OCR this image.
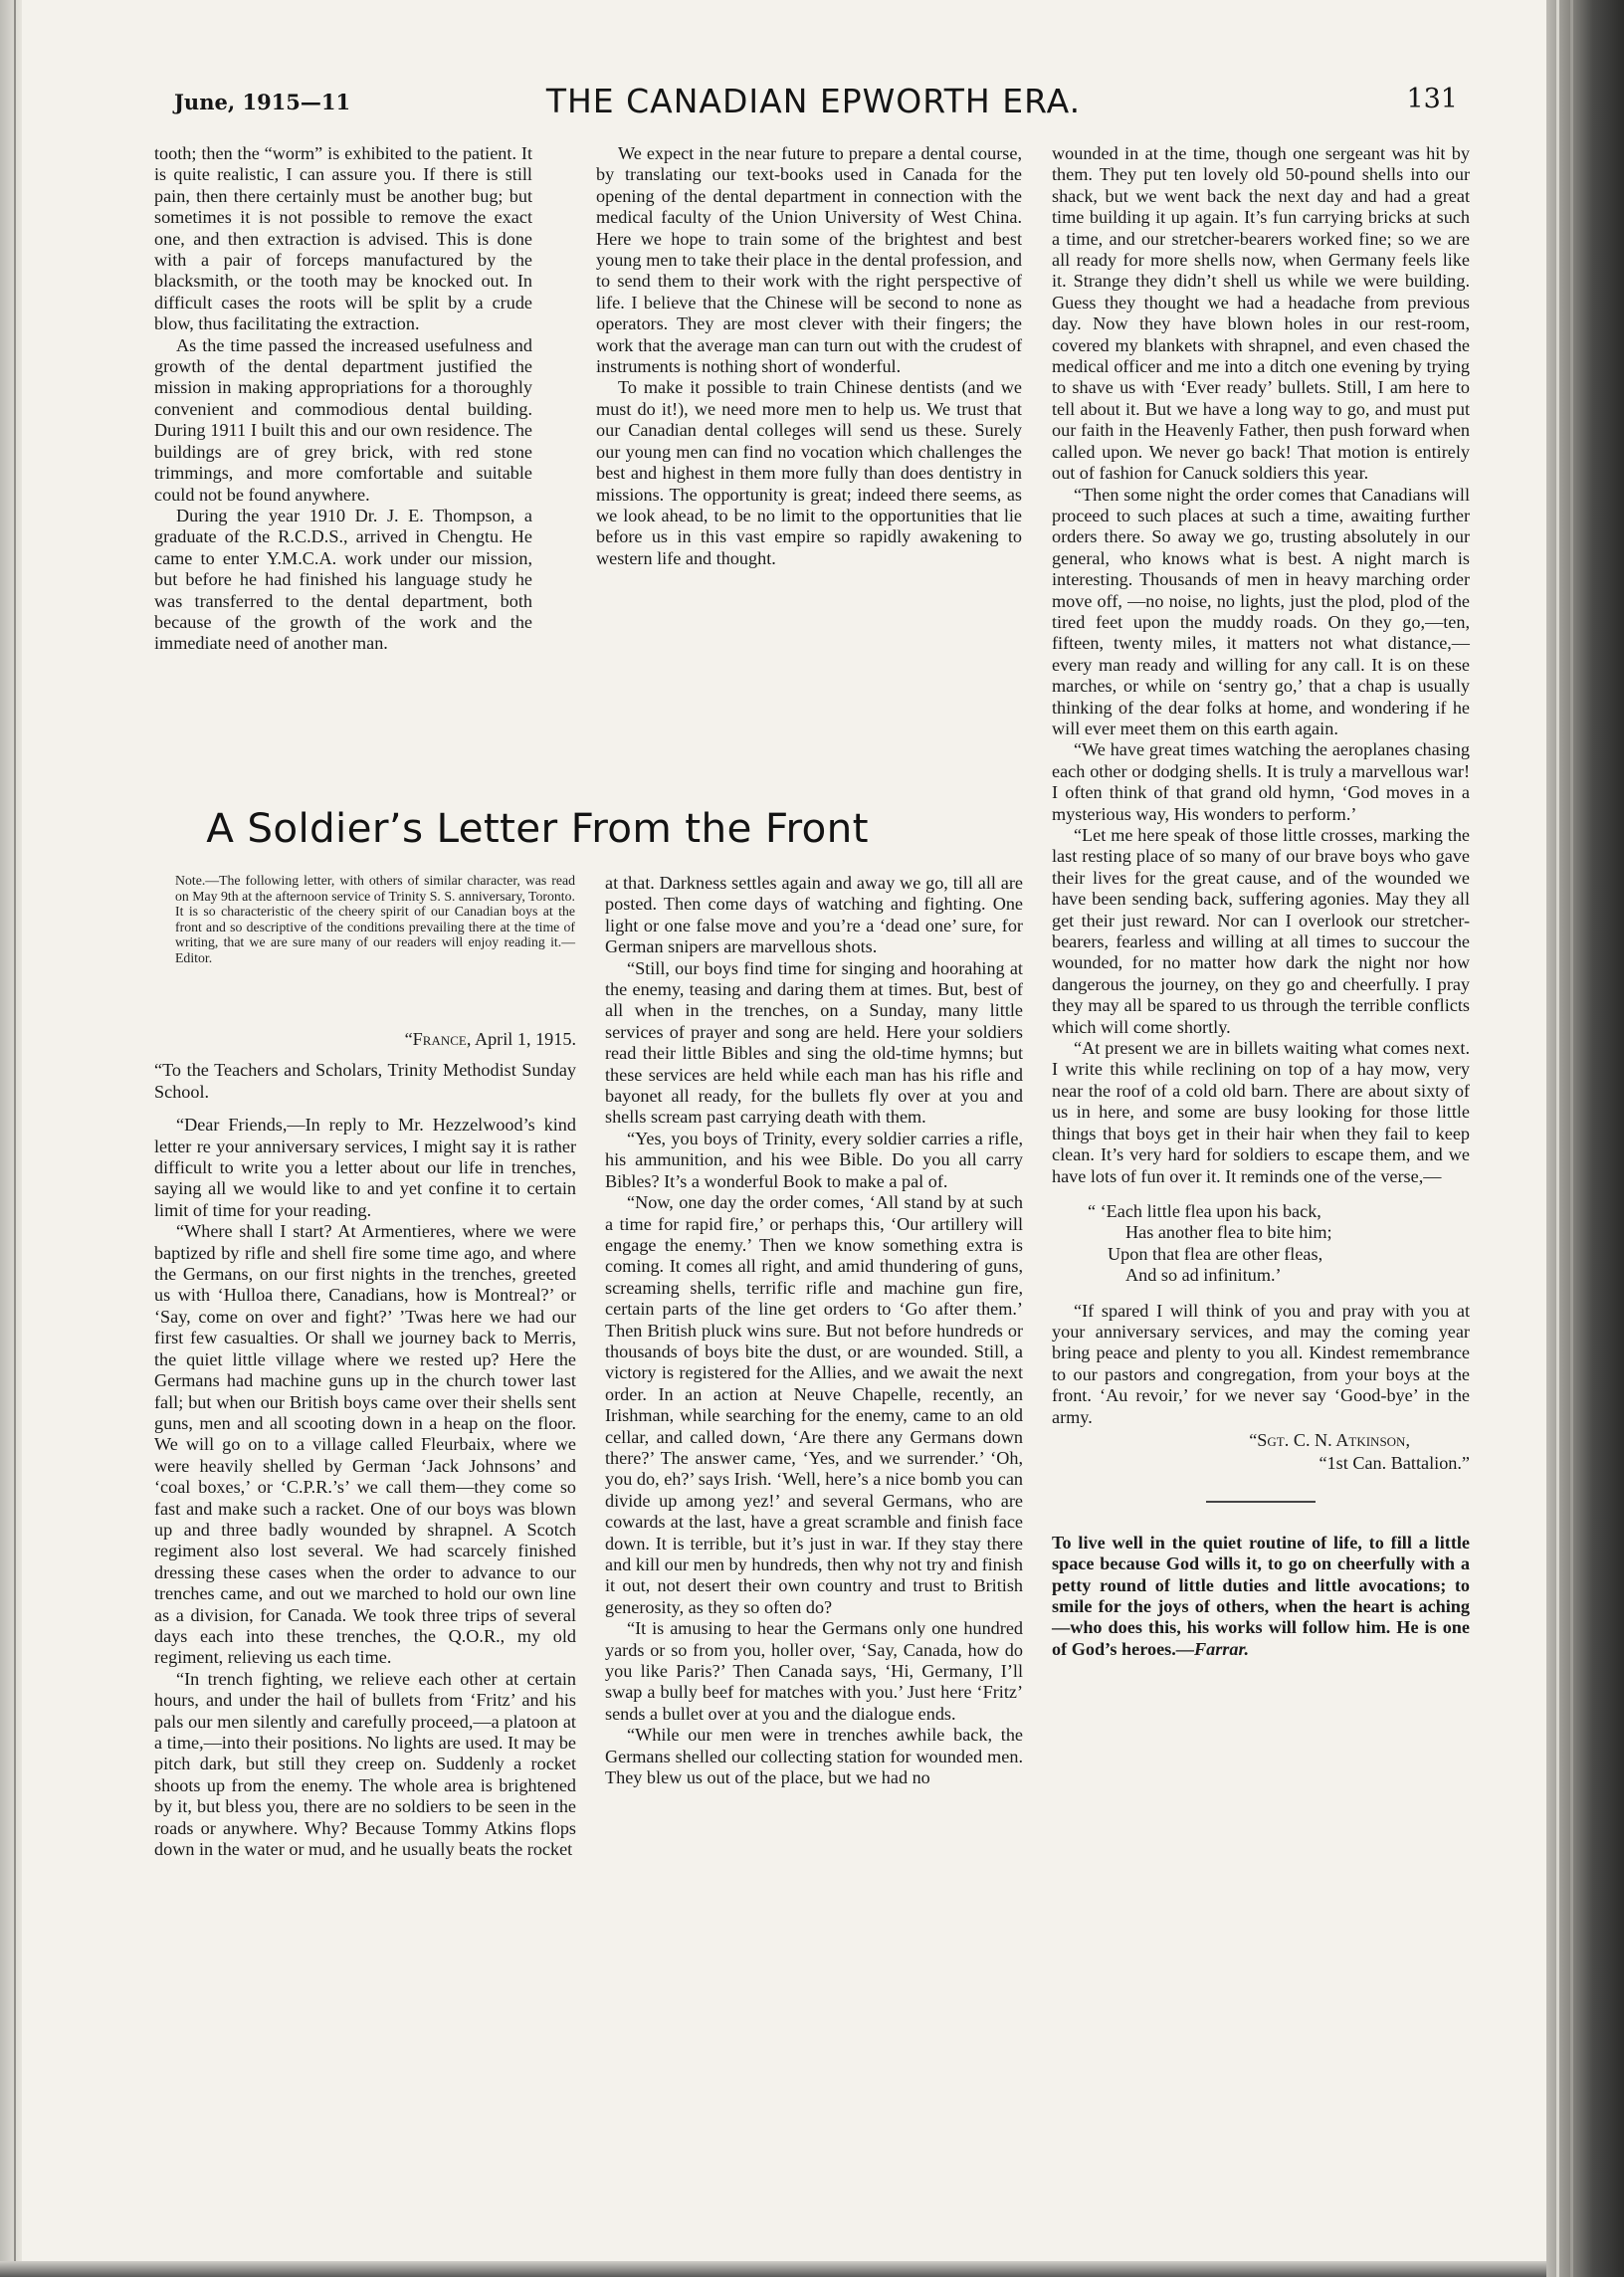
June, 1915—11	THE CANADIAN EPWORTH ERA.	131

tooth; then the “worm” is exhibited to the patient. It is quite realistic, I can assure you. If there is still pain, then there certainly must be another bug; but sometimes it is not possible to remove the exact one, and then extraction is advised. This is done with a pair of forceps manufactured by the blacksmith, or the tooth may be knocked out. In difficult cases the roots will be split by a crude blow, thus facilitating the extraction.

As the time passed the increased usefulness and growth of the dental department justified the mission in making appropriations for a thoroughly convenient and commodious dental building. During 1911 I built this and our own residence. The buildings are of grey brick, with red stone trimmings, and more comfortable and suitable could not be found anywhere.

During the year 1910 Dr. J. E. Thompson, a graduate of the R.C.D.S., arrived in Chengtu. He came to enter Y.M.C.A. work under our mission, but before he had finished his language study he was transferred to the dental department, both because of the growth of the work and the immediate need of another man.

We expect in the near future to prepare a dental course, by translating our text-books used in Canada for the opening of the dental department in connection with the medical faculty of the Union University of West China. Here we hope to train some of the brightest and best young men to take their place in the dental profession, and to send them to their work with the right perspective of life. I believe that the Chinese will be second to none as operators. They are most clever with their fingers; the work that the average man can turn out with the crudest of instruments is nothing short of wonderful.

To make it possible to train Chinese dentists (and we must do it!), we need more men to help us. We trust that our Canadian dental colleges will send us these. Surely our young men can find no vocation which challenges the best and highest in them more fully than does dentistry in missions. The opportunity is great; indeed there seems, as we look ahead, to be no limit to the opportunities that lie before us in this vast empire so rapidly awakening to western life and thought.

A Soldier’s Letter From the Front
Note.—The following letter, with others of similar character, was read on May 9th at the afternoon service of Trinity S. S. anniversary, Toronto. It is so characteristic of the cheery spirit of our Canadian boys at the front and so descriptive of the conditions prevailing there at the time of writing, that we are sure many of our readers will enjoy reading it.—Editor.

“France, April 1, 1915.

“To the Teachers and Scholars, Trinity Methodist Sunday School.

“Dear Friends,—In reply to Mr. Hezzelwood’s kind letter re your anniversary services, I might say it is rather difficult to write you a letter about our life in trenches, saying all we would like to and yet confine it to certain limit of time for your reading.

“Where shall I start? At Armentieres, where we were baptized by rifle and shell fire some time ago, and where the Germans, on our first nights in the trenches, greeted us with ‘Hulloa there, Canadians, how is Montreal?’ or ‘Say, come on over and fight?’ ’Twas here we had our first few casualties. Or shall we journey back to Merris, the quiet little village where we rested up? Here the Germans had machine guns up in the church tower last fall; but when our British boys came over their shells sent guns, men and all scooting down in a heap on the floor. We will go on to a village called Fleurbaix, where we were heavily shelled by German ‘Jack Johnsons’ and ‘coal boxes,’ or ‘C.P.R.’s’ we call them—they come so fast and make such a racket. One of our boys was blown up and three badly wounded by shrapnel. A Scotch regiment also lost several. We had scarcely finished dressing these cases when the order to advance to our trenches came, and out we marched to hold our own line as a division, for Canada. We took three trips of several days each into these trenches, the Q.O.R., my old regiment, relieving us each time.

“In trench fighting, we relieve each other at certain hours, and under the hail of bullets from ‘Fritz’ and his pals our men silently and carefully proceed,—a platoon at a time,—into their positions. No lights are used. It may be pitch dark, but still they creep on. Suddenly a rocket shoots up from the enemy. The whole area is brightened by it, but bless you, there are no soldiers to be seen in the roads or anywhere. Why? Because Tommy Atkins flops down in the water or mud, and he usually beats the rocket

at that. Darkness settles again and away we go, till all are posted. Then come days of watching and fighting. One light or one false move and you’re a ‘dead one’ sure, for German snipers are marvellous shots.

“Still, our boys find time for singing and hoorahing at the enemy, teasing and daring them at times. But, best of all when in the trenches, on a Sunday, many little services of prayer and song are held. Here your soldiers read their little Bibles and sing the old-time hymns; but these services are held while each man has his rifle and bayonet all ready, for the bullets fly over at you and shells scream past carrying death with them.

“Yes, you boys of Trinity, every soldier carries a rifle, his ammunition, and his wee Bible. Do you all carry Bibles? It’s a wonderful Book to make a pal of.

“Now, one day the order comes, ‘All stand by at such a time for rapid fire,’ or perhaps this, ‘Our artillery will engage the enemy.’ Then we know something extra is coming. It comes all right, and amid thundering of guns, screaming shells, terrific rifle and machine gun fire, certain parts of the line get orders to ‘Go after them.’ Then British pluck wins sure. But not before hundreds or thousands of boys bite the dust, or are wounded. Still, a victory is registered for the Allies, and we await the next order. In an action at Neuve Chapelle, recently, an Irishman, while searching for the enemy, came to an old cellar, and called down, ‘Are there any Germans down there?’ The answer came, ‘Yes, and we surrender.’ ‘Oh, you do, eh?’ says Irish. ‘Well, here’s a nice bomb you can divide up among yez!’ and several Germans, who are cowards at the last, have a great scramble and finish face down. It is terrible, but it’s just in war. If they stay there and kill our men by hundreds, then why not try and finish it out, not desert their own country and trust to British generosity, as they so often do?

“It is amusing to hear the Germans only one hundred yards or so from you, holler over, ‘Say, Canada, how do you like Paris?’ Then Canada says, ‘Hi, Germany, I’ll swap a bully beef for matches with you.’ Just here ‘Fritz’ sends a bullet over at you and the dialogue ends.

“While our men were in trenches awhile back, the Germans shelled our collecting station for wounded men. They blew us out of the place, but we had no

wounded in at the time, though one sergeant was hit by them. They put ten lovely old 50-pound shells into our shack, but we went back the next day and had a great time building it up again. It’s fun carrying bricks at such a time, and our stretcher-bearers worked fine; so we are all ready for more shells now, when Germany feels like it. Strange they didn’t shell us while we were building. Guess they thought we had a headache from previous day. Now they have blown holes in our rest-room, covered my blankets with shrapnel, and even chased the medical officer and me into a ditch one evening by trying to shave us with ‘Ever ready’ bullets. Still, I am here to tell about it. But we have a long way to go, and must put our faith in the Heavenly Father, then push forward when called upon. We never go back! That motion is entirely out of fashion for Canuck soldiers this year.

“Then some night the order comes that Canadians will proceed to such places at such a time, awaiting further orders there. So away we go, trusting absolutely in our general, who knows what is best. A night march is interesting. Thousands of men in heavy marching order move off, —no noise, no lights, just the plod, plod of the tired feet upon the muddy roads. On they go,—ten, fifteen, twenty miles, it matters not what distance,—every man ready and willing for any call. It is on these marches, or while on ‘sentry go,’ that a chap is usually thinking of the dear folks at home, and wondering if he will ever meet them on this earth again.

“We have great times watching the aeroplanes chasing each other or dodging shells. It is truly a marvellous war! I often think of that grand old hymn, ‘God moves in a mysterious way, His wonders to perform.’

“Let me here speak of those little crosses, marking the last resting place of so many of our brave boys who gave their lives for the great cause, and of the wounded we have been sending back, suffering agonies. May they all get their just reward. Nor can I overlook our stretcher-bearers, fearless and willing at all times to succour the wounded, for no matter how dark the night nor how dangerous the journey, on they go and cheerfully. I pray they may all be spared to us through the terrible conflicts which will come shortly.

“At present we are in billets waiting what comes next. I write this while reclining on top of a hay mow, very near the roof of a cold old barn. There are about sixty of us in here, and some are busy looking for those little things that boys get in their hair when they fail to keep clean. It’s very hard for soldiers to escape them, and we have lots of fun over it. It reminds one of the verse,—

“ ‘Each little flea upon his back,
Has another flea to bite him;
Upon that flea are other fleas,
And so ad infinitum.’

“If spared I will think of you and pray with you at your anniversary services, and may the coming year bring peace and plenty to you all. Kindest remembrance to our pastors and congregation, from your boys at the front. ‘Au revoir,’ for we never say ‘Good-bye’ in the army.

“Sgt. C. N. Atkinson,
“1st Can. Battalion.”
To live well in the quiet routine of life, to fill a little space because God wills it, to go on cheerfully with a petty round of little duties and little avocations; to smile for the joys of others, when the heart is aching—who does this, his works will follow him. He is one of God’s heroes.—Farrar.
